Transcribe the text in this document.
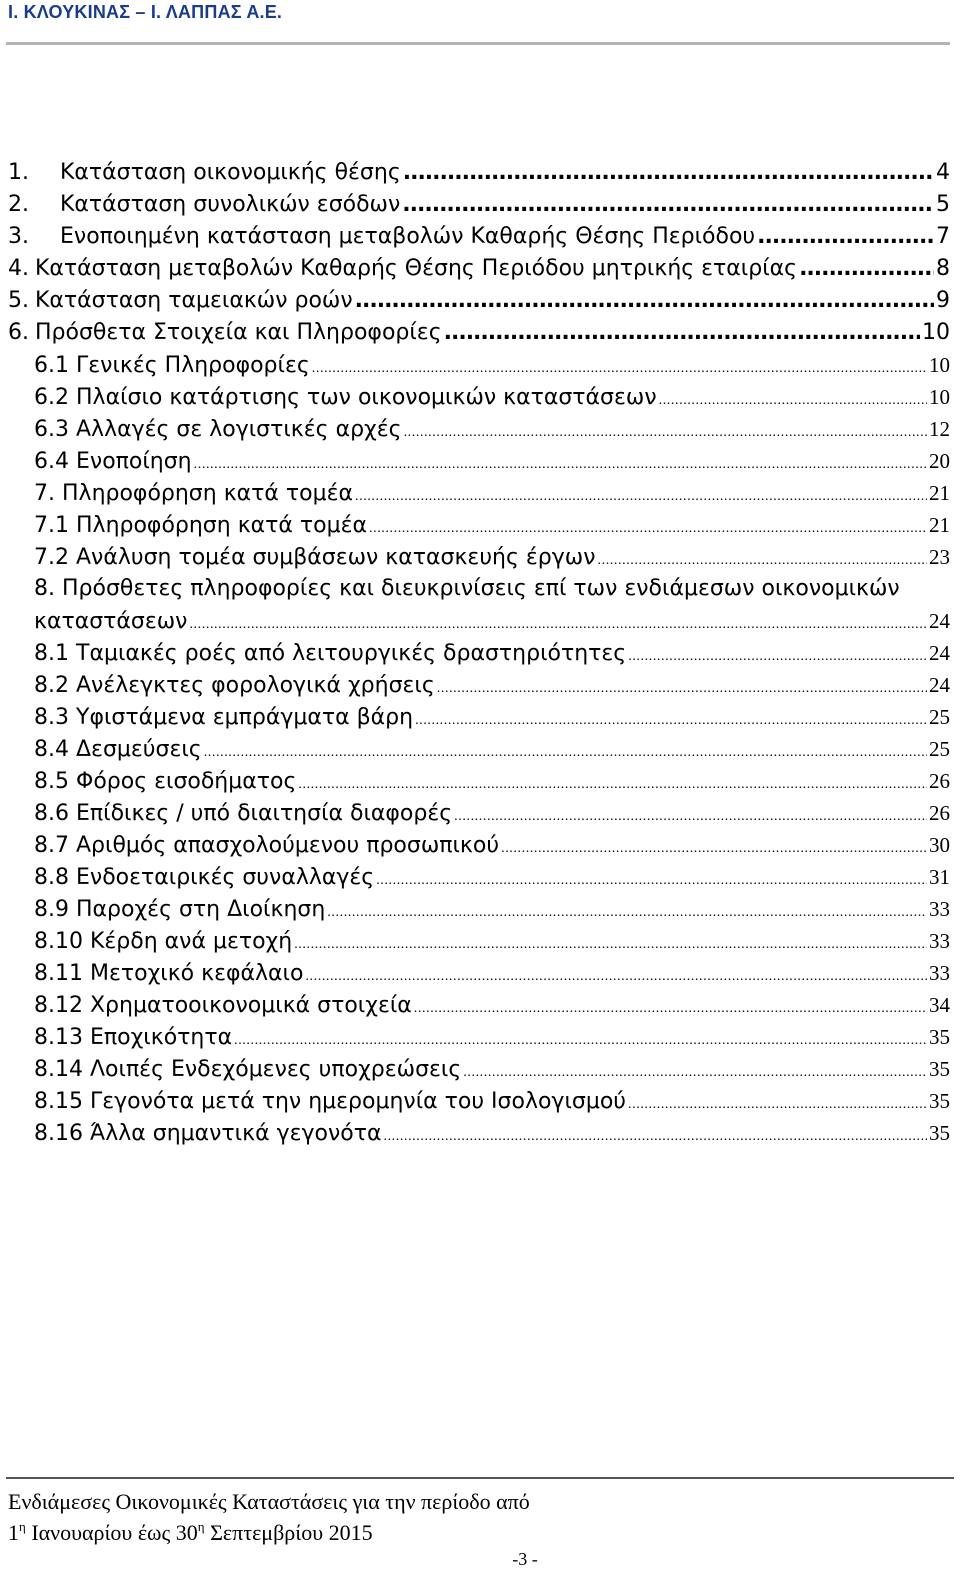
Ι. ΚΛΟΥΚΙΝΑΣ – Ι. ΛΑΠΠΑΣ Α.Ε.
1.	Κατάσταση οικονομικής θέσης .....	4
2.	Κατάσταση συνολικών εσόδων .....	5
3.	Ενοποιημένη κατάσταση μεταβολών Καθαρής Θέσης Περιόδου .....	7
4. Κατάσταση μεταβολών Καθαρής Θέσης Περιόδου μητρικής εταιρίας .....	8
5. Κατάσταση ταμειακών ροών .....	9
6. Πρόσθετα Στοιχεία και Πληροφορίες .....	10
6.1 Γενικές Πληροφορίες .....	10
6.2 Πλαίσιο κατάρτισης των οικονομικών καταστάσεων .....	10
6.3 Αλλαγές σε λογιστικές αρχές .....	12
6.4 Ενοποίηση .....	20
7. Πληροφόρηση κατά τομέα .....	21
7.1 Πληροφόρηση κατά τομέα .....	21
7.2 Ανάλυση τομέα συμβάσεων κατασκευής έργων .....	23
8. Πρόσθετες πληροφορίες και διευκρινίσεις επί των ενδιάμεσων οικονομικών
καταστάσεων .....	24
8.1 Ταμιακές ροές από λειτουργικές δραστηριότητες .....	24
8.2 Ανέλεγκτες φορολογικά χρήσεις .....	24
8.3 Υφιστάμενα εμπράγματα βάρη .....	25
8.4 Δεσμεύσεις .....	25
8.5 Φόρος εισοδήματος .....	26
8.6 Επίδικες / υπό διαιτησία διαφορές .....	26
8.7 Αριθμός απασχολούμενου προσωπικού .....	30
8.8 Ενδοεταιρικές συναλλαγές .....	31
8.9 Παροχές στη Διοίκηση .....	33
8.10 Κέρδη ανά μετοχή .....	33
8.11 Μετοχικό κεφάλαιο .....	33
8.12 Χρηματοοικονομικά στοιχεία .....	34
8.13 Εποχικότητα .....	35
8.14 Λοιπές Ενδεχόμενες υποχρεώσεις .....	35
8.15 Γεγονότα μετά την ημερομηνία του Ισολογισμού .....	35
8.16 Άλλα σημαντικά γεγονότα .....	35
Ενδιάμεσες Οικονομικές Καταστάσεις για την περίοδο από
$1^\eta$ Ιανουαρίου έως $30^\eta$ Σεπτεμβρίου 2015
-3 -
